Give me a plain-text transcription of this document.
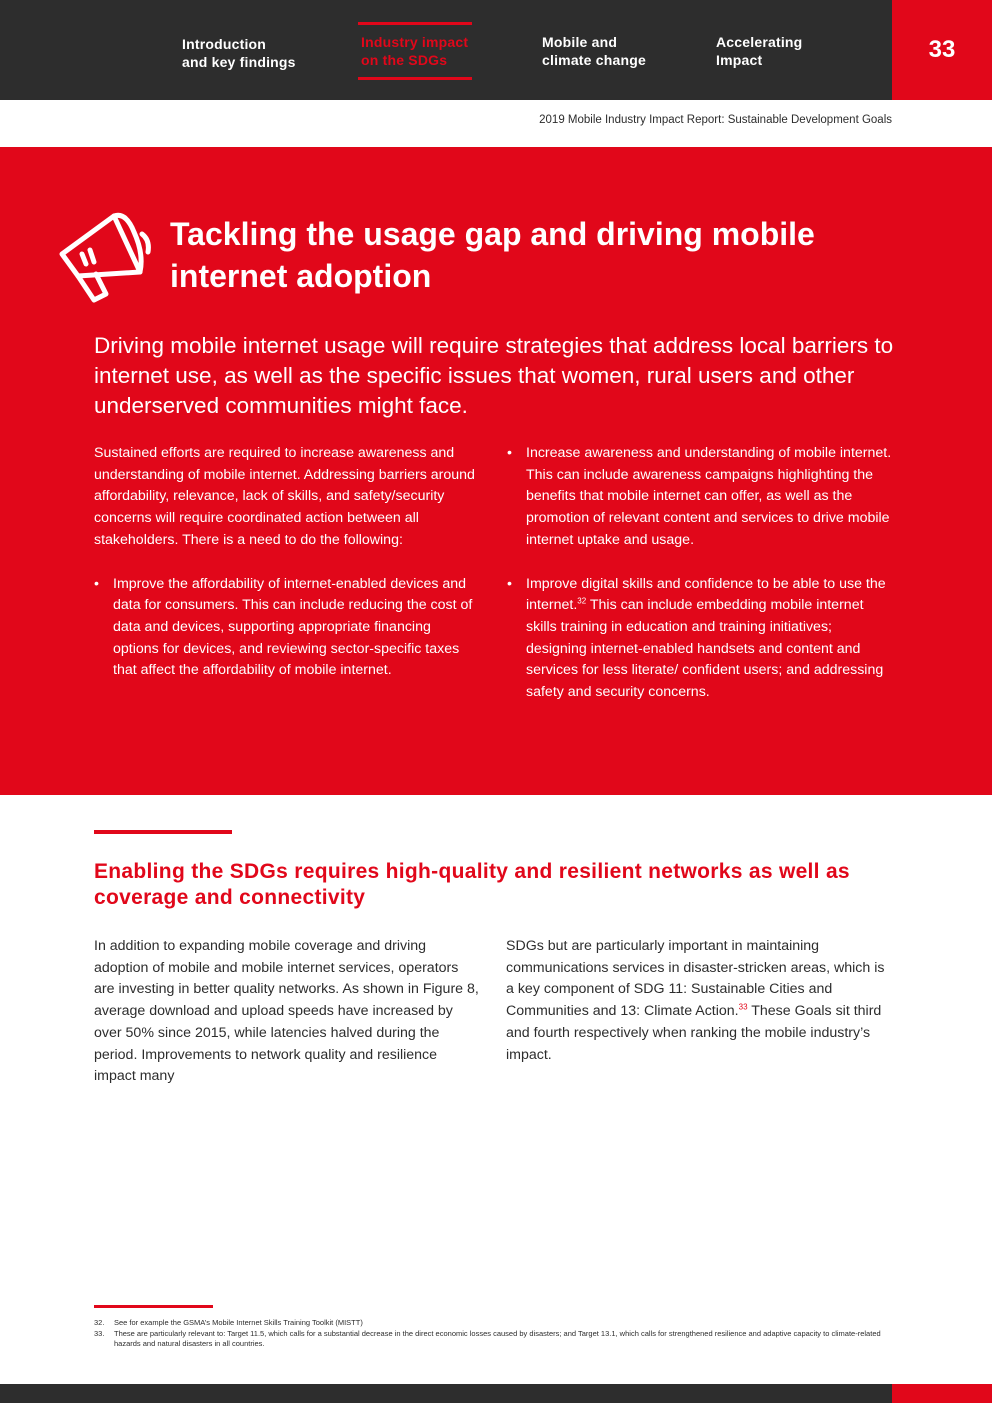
Introduction
and key findings
Industry impact
on the SDGs
Mobile and
climate change
Accelerating
Impact	33
2019 Mobile Industry Impact Report: Sustainable Development Goals
Tackling the usage gap and driving mobile internet adoption

Driving mobile internet usage will require strategies that address local barriers to internet use, as well as the specific issues that women, rural users and other underserved communities might face.

Sustained efforts are required to increase awareness and understanding of mobile internet. Addressing barriers around affordability, relevance, lack of skills, and safety/security concerns will require coordinated action between all stakeholders. There is a need to do the following:

• Improve the affordability of internet-enabled devices and data for consumers. This can include reducing the cost of data and devices, supporting appropriate financing options for devices, and reviewing sector-specific taxes that affect the affordability of mobile internet.
• Increase awareness and understanding of mobile internet. This can include awareness campaigns highlighting the benefits that mobile internet can offer, as well as the promotion of relevant content and services to drive mobile internet uptake and usage.
• Improve digital skills and confidence to be able to use the internet.$^{32}$ This can include embedding mobile internet skills training in education and training initiatives; designing internet-enabled handsets and content and services for less literate/ confident users; and addressing safety and security concerns.
Enabling the SDGs requires high-quality and resilient networks as well as coverage and connectivity

In addition to expanding mobile coverage and driving adoption of mobile and mobile internet services, operators are investing in better quality networks. As shown in Figure 8, average download and upload speeds have increased by over 50% since 2015, while latencies halved during the period. Improvements to network quality and resilience impact many

SDGs but are particularly important in maintaining communications services in disaster-stricken areas, which is a key component of SDG 11: Sustainable Cities and Communities and 13: Climate Action.$^{33}$ These Goals sit third and fourth respectively when ranking the mobile industry’s impact.

32.	See for example the GSMA’s Mobile Internet Skills Training Toolkit (MISTT)
33.	These are particularly relevant to: Target 11.5, which calls for a substantial decrease in the direct economic losses caused by disasters; and Target 13.1, which calls for strengthened resilience and adaptive capacity to climate-related hazards and natural disasters in all countries.
